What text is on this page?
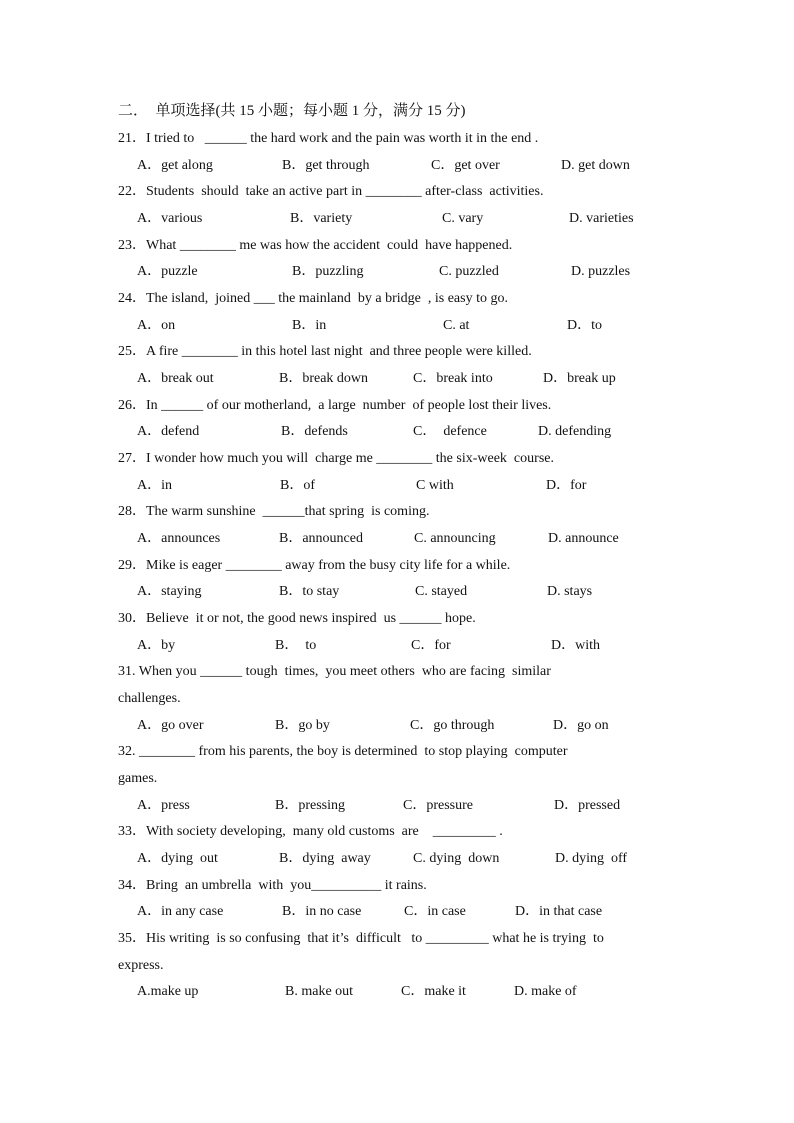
二．  单项选择(共 15 小题；每小题 1 分，满分 15 分)
21．I tried to   ______ the hard work and the pain was worth it in the end .
A．get along	B．get through	C．get over	D. get down
22．Students  should  take an active part in ________ after-class  activities.
A．various	B．variety	C. vary	D. varieties
23．What ________ me was how the accident  could  have happened.
A．puzzle	B．puzzling	C. puzzled	D. puzzles
24．The island,  joined ___ the mainland  by a bridge  , is easy to go.
A．on	B．in	C. at	D．to
25．A fire ________ in this hotel last night  and three people were killed.
A．break out	B．break down	C．break into	D．break up
26．In ______ of our motherland,  a large  number  of people lost their lives.
A．defend	B．defends	C．  defence	D. defending
27．I wonder how much you will  charge me ________ the six-week  course.
A．in	B．of	C with	D．for
28．The warm sunshine  ______that spring  is coming.
A．announces	B．announced	C. announcing	D. announce
29．Mike is eager ________ away from the busy city life for a while.
A．staying	B．to stay	C. stayed	D. stays
30．Believe  it or not, the good news inspired  us ______ hope.
A．by	B．  to	C．for	D．with
31. When you ______ tough  times,  you meet others  who are facing  similar
challenges.
A．go over	B．go by	C．go through	D．go on
32. ________ from his parents, the boy is determined  to stop playing  computer
games.
A．press	B．pressing	C．pressure	D．pressed
33．With society developing,  many old customs  are    _________ .
A．dying  out	B．dying  away	C. dying  down	D. dying  off
34．Bring  an umbrella  with  you__________ it rains.
A．in any case	B．in no case	C．in case	D．in that case
35．His writing  is so confusing  that it’s  difficult   to _________ what he is trying  to
express.
A.make up	B. make out	C．make it	D. make of
